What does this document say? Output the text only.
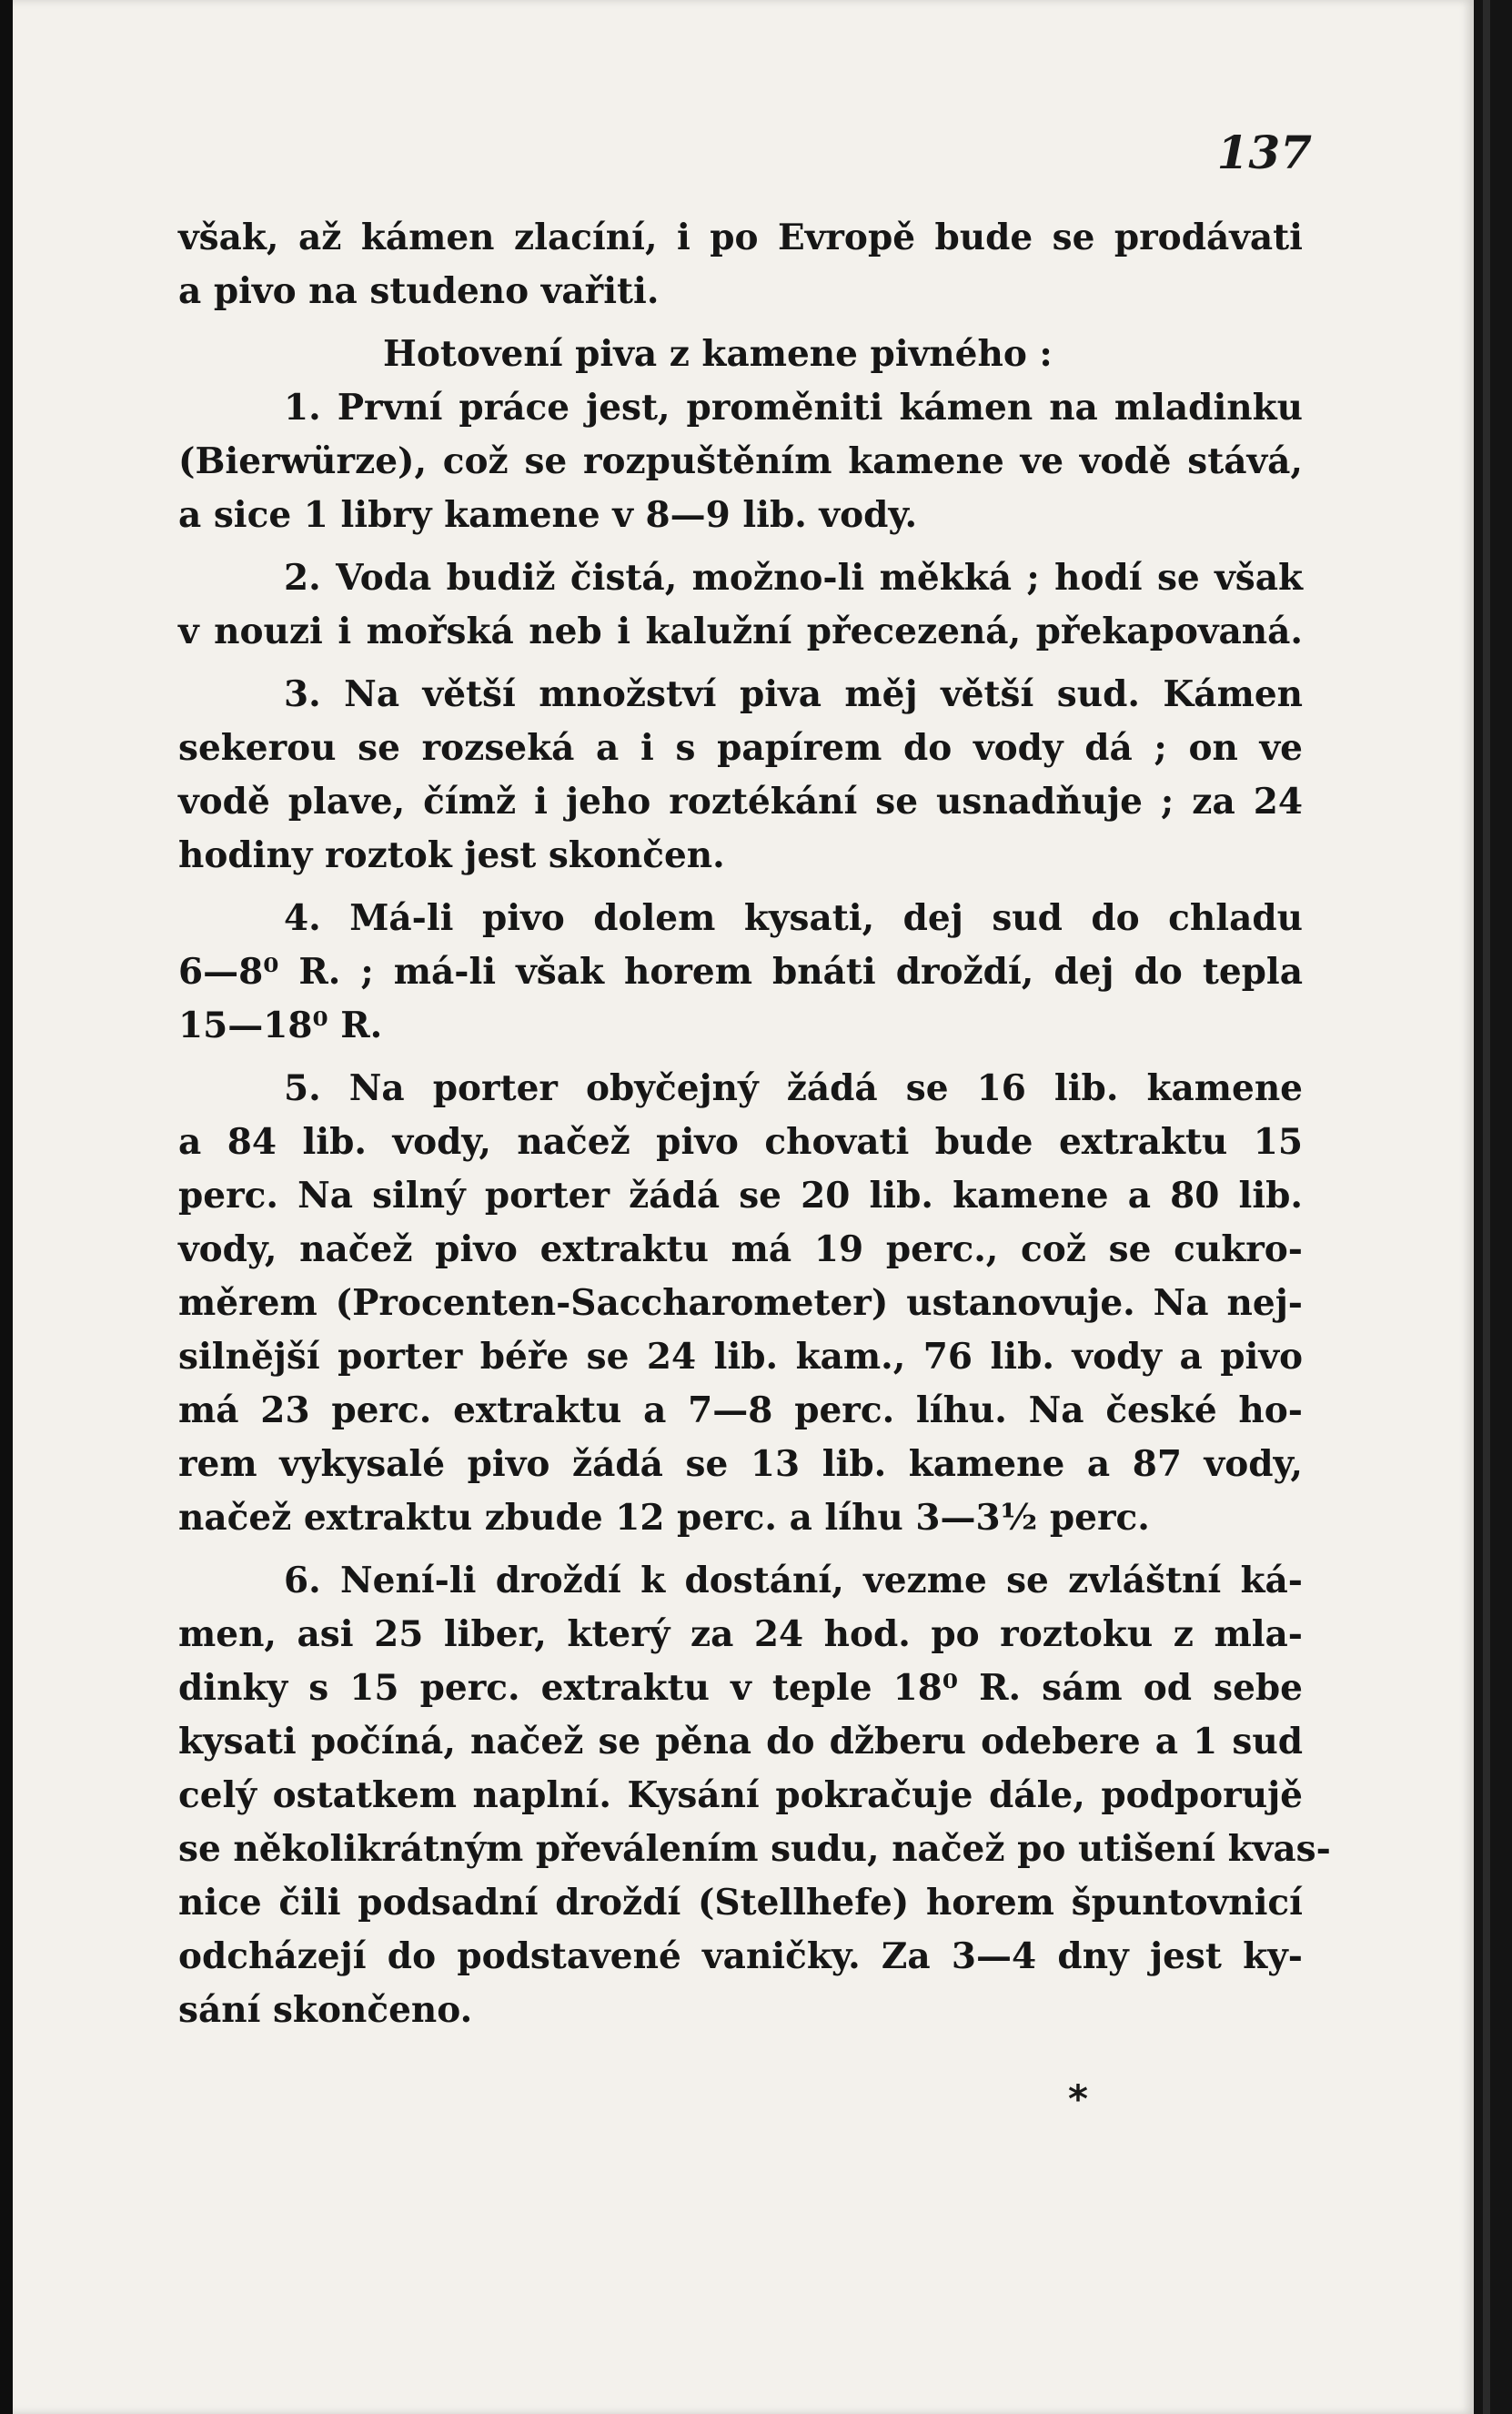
137
však, až kámen zlacíní, i po Evropě bude se prodávati
a pivo na studeno vařiti.
Hotovení piva z kamene pivného :
1. První práce jest, proměniti kámen na mladinku
(Bierwürze), což se rozpuštěním kamene ve vodě stává,
a sice 1 libry kamene v 8—9 lib. vody.
2. Voda budiž čistá, možno-li měkká ; hodí se však
v nouzi i mořská neb i kalužní přecezená, překapovaná.
3. Na větší množství piva měj větší sud. Kámen
sekerou se rozseká a i s papírem do vody dá ; on ve
vodě plave, čímž i jeho roztékání se usnadňuje ; za 24
hodiny roztok jest skončen.
4. Má-li pivo dolem kysati, dej sud do chladu
6—8⁰ R. ; má-li však horem bnáti droždí, dej do tepla
15—18⁰ R.
5. Na porter obyčejný žádá se 16 lib. kamene
a 84 lib. vody, načež pivo chovati bude extraktu 15
perc. Na silný porter žádá se 20 lib. kamene a 80 lib.
vody, načež pivo extraktu má 19 perc., což se cukro-
měrem (Procenten-Saccharometer) ustanovuje. Na nej-
silnější porter béře se 24 lib. kam., 76 lib. vody a pivo
má 23 perc. extraktu a 7—8 perc. líhu. Na české ho-
rem vykysalé pivo žádá se 13 lib. kamene a 87 vody,
načež extraktu zbude 12 perc. a líhu 3—3½ perc.
6. Není-li droždí k dostání, vezme se zvláštní ká-
men, asi 25 liber, který za 24 hod. po roztoku z mla-
dinky s 15 perc. extraktu v teple 18⁰ R. sám od sebe
kysati počíná, načež se pěna do džberu odebere a 1 sud
celý ostatkem naplní. Kysání pokračuje dále, podporujě
se několikrátným převálením sudu, načež po utišení kvas-
nice čili podsadní droždí (Stellhefe) horem špuntovnicí
odcházejí do podstavené vaničky. Za 3—4 dny jest ky-
sání skončeno.
*
